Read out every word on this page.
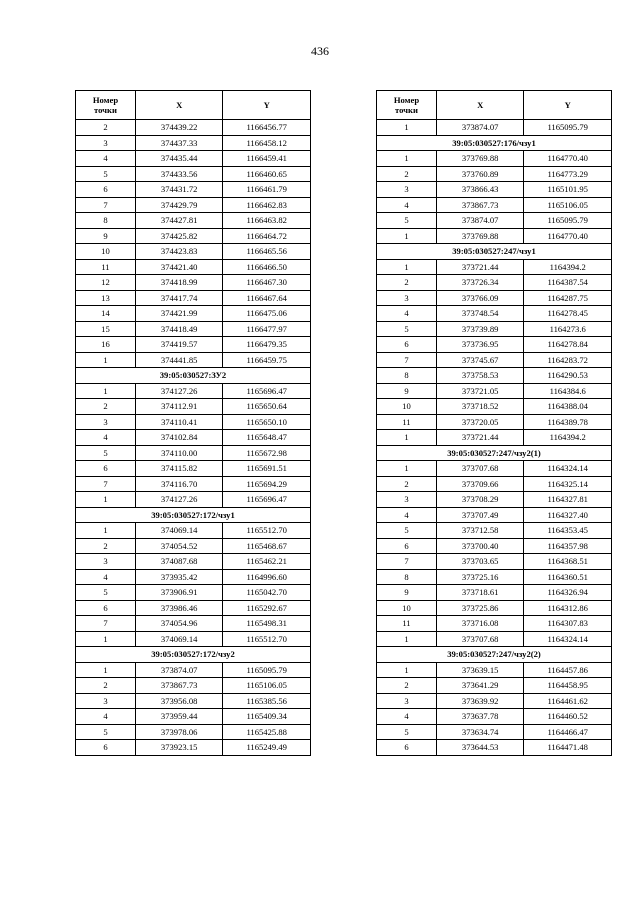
436
Номер
точки	X	Y
2	374439.22	1166456.77
3	374437.33	1166458.12
4	374435.44	1166459.41
5	374433.56	1166460.65
6	374431.72	1166461.79
7	374429.79	1166462.83
8	374427.81	1166463.82
9	374425.82	1166464.72
10	374423.83	1166465.56
11	374421.40	1166466.50
12	374418.99	1166467.30
13	374417.74	1166467.64
14	374421.99	1166475.06
15	374418.49	1166477.97
16	374419.57	1166479.35
1	374441.85	1166459.75
39:05:030527:ЗУ2		
1	374127.26	1165696.47
2	374112.91	1165650.64
3	374110.41	1165650.10
4	374102.84	1165648.47
5	374110.00	1165672.98
6	374115.82	1165691.51
7	374116.70	1165694.29
1	374127.26	1165696.47
39:05:030527:172/чзу1		
1	374069.14	1165512.70
2	374054.52	1165468.67
3	374087.68	1165462.21
4	373935.42	1164996.60
5	373906.91	1165042.70
6	373986.46	1165292.67
7	374054.96	1165498.31
1	374069.14	1165512.70
39:05:030527:172/чзу2		
1	373874.07	1165095.79
2	373867.73	1165106.05
3	373956.08	1165385.56
4	373959.44	1165409.34
5	373978.06	1165425.88
6	373923.15	1165249.49
Номер
точки	X	Y
1	373874.07	1165095.79
39:05:030527:176/чзу1		
1	373769.88	1164770.40
2	373760.89	1164773.29
3	373866.43	1165101.95
4	373867.73	1165106.05
5	373874.07	1165095.79
1	373769.88	1164770.40
39:05:030527:247/чзу1		
1	373721.44	1164394.2
2	373726.34	1164387.54
3	373766.09	1164287.75
4	373748.54	1164278.45
5	373739.89	1164273.6
6	373736.95	1164278.84
7	373745.67	1164283.72
8	373758.53	1164290.53
9	373721.05	1164384.6
10	373718.52	1164388.04
11	373720.05	1164389.78
1	373721.44	1164394.2
39:05:030527:247/чзу2(1)		
1	373707.68	1164324.14
2	373709.66	1164325.14
3	373708.29	1164327.81
4	373707.49	1164327.40
5	373712.58	1164353.45
6	373700.40	1164357.98
7	373703.65	1164368.51
8	373725.16	1164360.51
9	373718.61	1164326.94
10	373725.86	1164312.86
11	373716.08	1164307.83
1	373707.68	1164324.14
39:05:030527:247/чзу2(2)		
1	373639.15	1164457.86
2	373641.29	1164458.95
3	373639.92	1164461.62
4	373637.78	1164460.52
5	373634.74	1164466.47
6	373644.53	1164471.48
